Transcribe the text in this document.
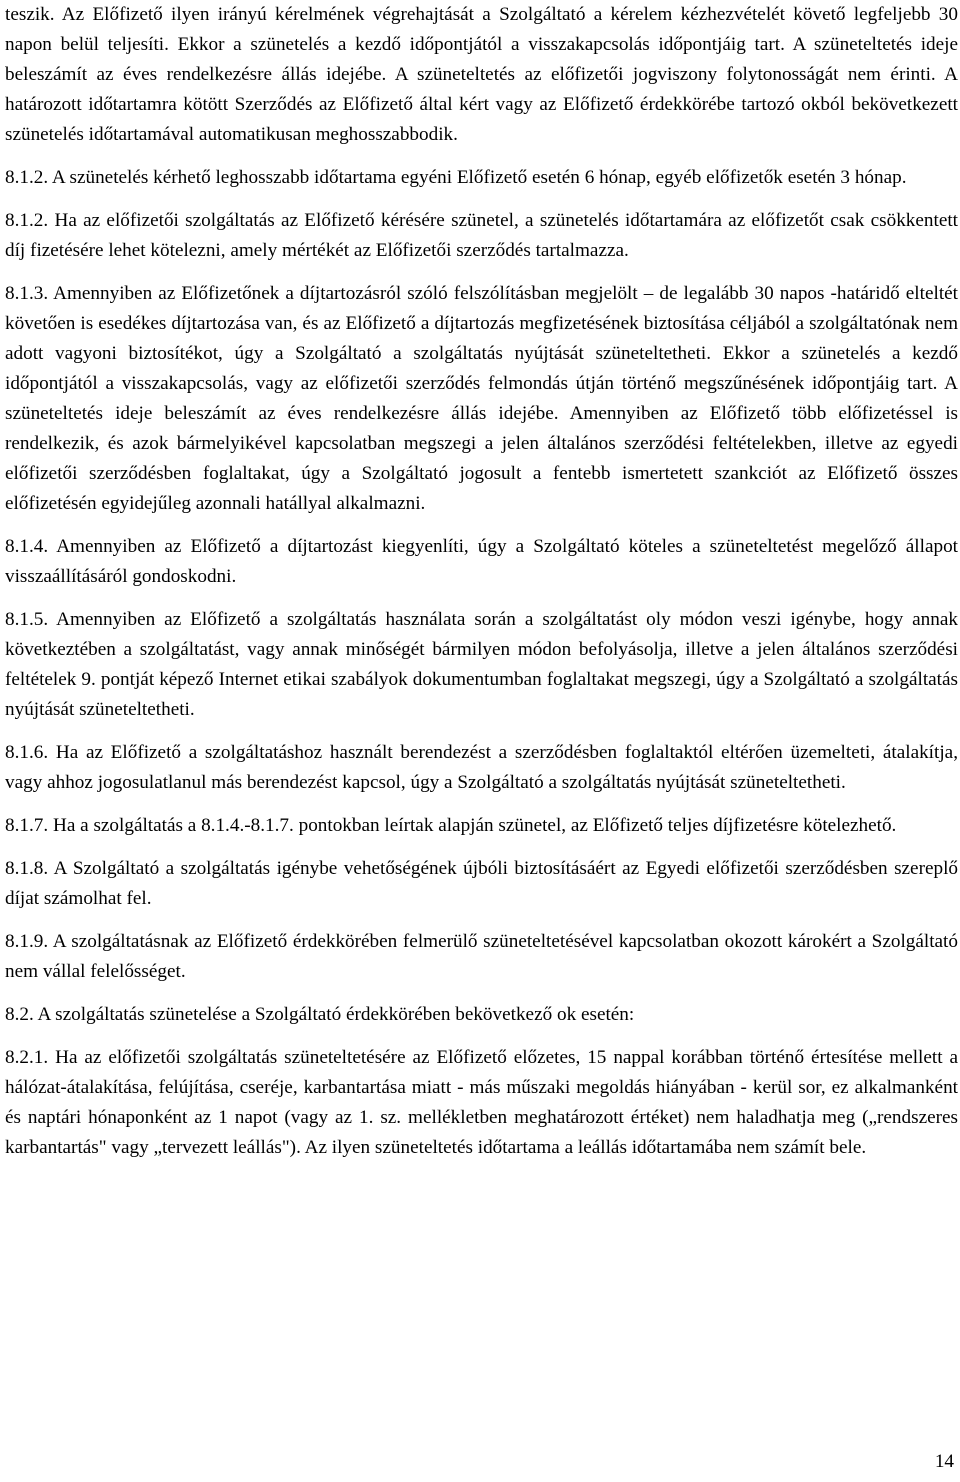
teszik. Az Előfizető ilyen irányú kérelmének végrehajtását a Szolgáltató a kérelem kézhezvételét követő legfeljebb 30 napon belül teljesíti. Ekkor a szünetelés a kezdő időpontjától a visszakapcsolás időpontjáig tart. A szüneteltetés ideje beleszámít az éves rendelkezésre állás idejébe. A szüneteltetés az előfizetői jogviszony folytonosságát nem érinti. A határozott időtartamra kötött Szerződés az Előfizető által kért vagy az Előfizető érdekkörébe tartozó okból bekövetkezett szünetelés időtartamával automatikusan meghosszabbodik.

8.1.2. A szünetelés kérhető leghosszabb időtartama egyéni Előfizető esetén 6 hónap, egyéb előfizetők esetén 3 hónap.

8.1.2. Ha az előfizetői szolgáltatás az Előfizető kérésére szünetel, a szünetelés időtartamára az előfizetőt csak csökkentett díj fizetésére lehet kötelezni, amely mértékét az Előfizetői szerződés tartalmazza.

8.1.3. Amennyiben az Előfizetőnek a díjtartozásról szóló felszólításban megjelölt – de legalább 30 napos -határidő elteltét követően is esedékes díjtartozása van, és az Előfizető a díjtartozás megfizetésének biztosítása céljából a szolgáltatónak nem adott vagyoni biztosítékot, úgy a Szolgáltató a szolgáltatás nyújtását szüneteltetheti. Ekkor a szünetelés a kezdő időpontjától a visszakapcsolás, vagy az előfizetői szerződés felmondás útján történő megszűnésének időpontjáig tart. A szüneteltetés ideje beleszámít az éves rendelkezésre állás idejébe. Amennyiben az Előfizető több előfizetéssel is rendelkezik, és azok bármelyikével kapcsolatban megszegi a jelen általános szerződési feltételekben, illetve az egyedi előfizetői szerződésben foglaltakat, úgy a Szolgáltató jogosult a fentebb ismertetett szankciót az Előfizető összes előfizetésén egyidejűleg azonnali hatállyal alkalmazni.

8.1.4. Amennyiben az Előfizető a díjtartozást kiegyenlíti, úgy a Szolgáltató köteles a szüneteltetést megelőző állapot visszaállításáról gondoskodni.

8.1.5. Amennyiben az Előfizető a szolgáltatás használata során a szolgáltatást oly módon veszi igénybe, hogy annak következtében a szolgáltatást, vagy annak minőségét bármilyen módon befolyásolja, illetve a jelen általános szerződési feltételek 9. pontját képező Internet etikai szabályok dokumentumban foglaltakat megszegi, úgy a Szolgáltató a szolgáltatás nyújtását szüneteltetheti.

8.1.6. Ha az Előfizető a szolgáltatáshoz használt berendezést a szerződésben foglaltaktól eltérően üzemelteti, átalakítja, vagy ahhoz jogosulatlanul más berendezést kapcsol, úgy a Szolgáltató a szolgáltatás nyújtását szüneteltetheti.

8.1.7. Ha a szolgáltatás a 8.1.4.-8.1.7. pontokban leírtak alapján szünetel, az Előfizető teljes díjfizetésre kötelezhető.

8.1.8. A Szolgáltató a szolgáltatás igénybe vehetőségének újbóli biztosításáért az Egyedi előfizetői szerződésben szereplő díjat számolhat fel.

8.1.9. A szolgáltatásnak az Előfizető érdekkörében felmerülő szüneteltetésével kapcsolatban okozott károkért a Szolgáltató nem vállal felelősséget.

8.2. A szolgáltatás szünetelése a Szolgáltató érdekkörében bekövetkező ok esetén:

8.2.1. Ha az előfizetői szolgáltatás szüneteltetésére az Előfizető előzetes, 15 nappal korábban történő értesítése mellett a hálózat-átalakítása, felújítása, cseréje, karbantartása miatt - más műszaki megoldás hiányában - kerül sor, ez alkalmanként és naptári hónaponként az 1 napot (vagy az 1. sz. mellékletben meghatározott értéket) nem haladhatja meg („rendszeres karbantartás" vagy „tervezett leállás"). Az ilyen szüneteltetés időtartama a leállás időtartamába nem számít bele.

14
